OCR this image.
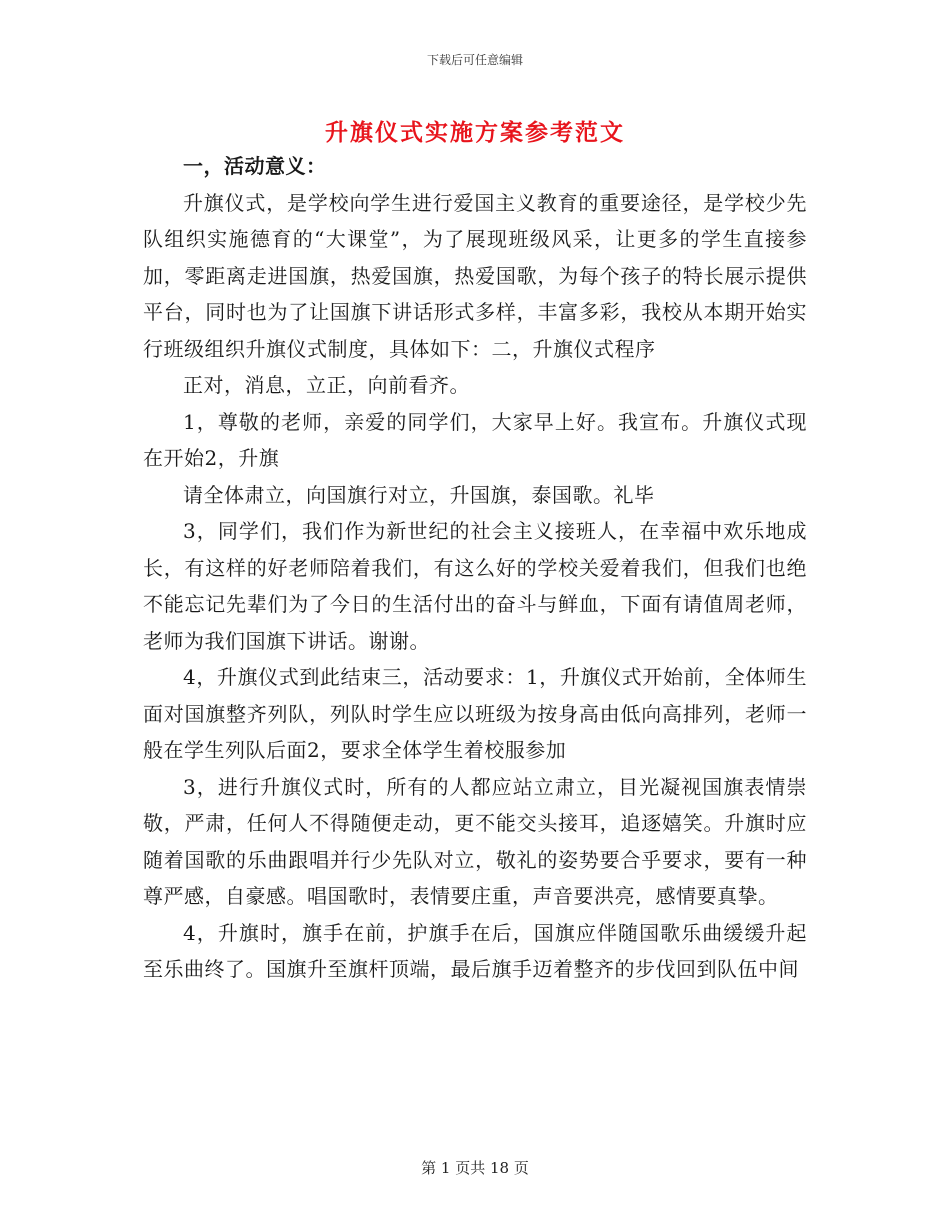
下载后可任意编辑
升旗仪式实施方案参考范文

一，活动意义：

升旗仪式，是学校向学生进行爱国主义教育的重要途径，是学校少先队组织实施德育的“大课堂”，为了展现班级风采，让更多的学生直接参加，零距离走进国旗，热爱国旗，热爱国歌，为每个孩子的特长展示提供平台，同时也为了让国旗下讲话形式多样，丰富多彩，我校从本期开始实行班级组织升旗仪式制度，具体如下：二，升旗仪式程序

正对，消息，立正，向前看齐。

1，尊敬的老师，亲爱的同学们，大家早上好。我宣布。升旗仪式现在开始2，升旗

请全体肃立，向国旗行对立，升国旗，泰国歌。礼毕

3，同学们，我们作为新世纪的社会主义接班人，在幸福中欢乐地成长，有这样的好老师陪着我们，有这么好的学校关爱着我们，但我们也绝不能忘记先辈们为了今日的生活付出的奋斗与鲜血，下面有请值周老师，老师为我们国旗下讲话。谢谢。

4，升旗仪式到此结束三，活动要求：1，升旗仪式开始前，全体师生面对国旗整齐列队，列队时学生应以班级为按身高由低向高排列，老师一般在学生列队后面2，要求全体学生着校服参加

3，进行升旗仪式时，所有的人都应站立肃立，目光凝视国旗表情崇敬，严肃，任何人不得随便走动，更不能交头接耳，追逐嬉笑。升旗时应随着国歌的乐曲跟唱并行少先队对立，敬礼的姿势要合乎要求，要有一种尊严感，自豪感。唱国歌时，表情要庄重，声音要洪亮，感情要真挚。

4，升旗时，旗手在前，护旗手在后，国旗应伴随国歌乐曲缓缓升起至乐曲终了。国旗升至旗杆顶端，最后旗手迈着整齐的步伐回到队伍中间

第 1 页共 18 页
